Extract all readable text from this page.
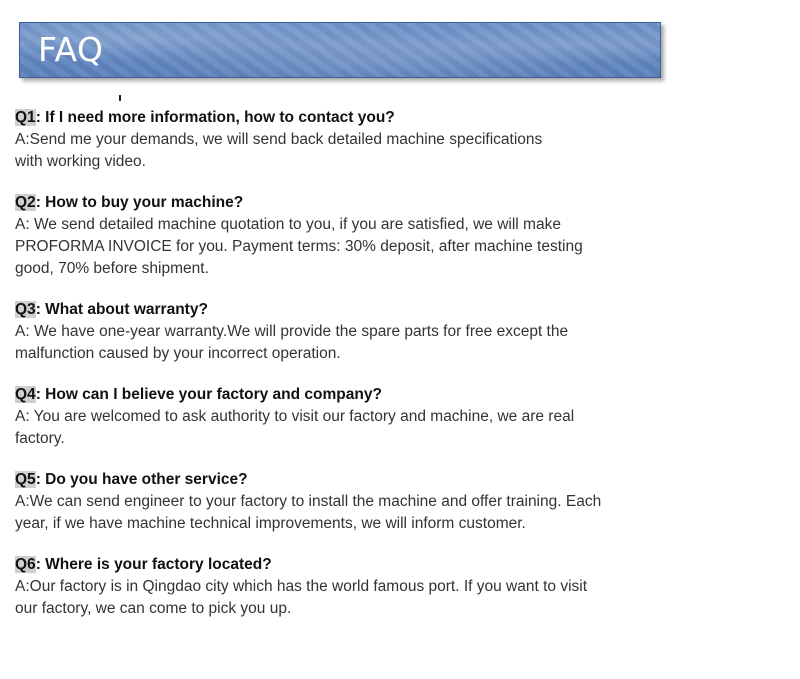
FAQ
Q1: If I need more information, how to contact you?
A:Send me your demands, we will send back detailed machine specifications with working video.
Q2: How to buy your machine?
A: We send detailed machine quotation to you, if you are satisfied, we will make PROFORMA INVOICE for you. Payment terms: 30% deposit, after machine testing good, 70% before shipment.
Q3: What about warranty?
A: We have one-year warranty.We will provide the spare parts for free except the malfunction caused by your incorrect operation.
Q4: How can I believe your factory and company?
A: You are welcomed to ask authority to visit our factory and machine, we are real factory.
Q5: Do you have other service?
A:We can send engineer to your factory to install the machine and offer training. Each year, if we have machine technical improvements, we will inform customer.
Q6: Where is your factory located?
A:Our factory is in Qingdao city which has the world famous port. If you want to visit our factory, we can come to pick you up.
